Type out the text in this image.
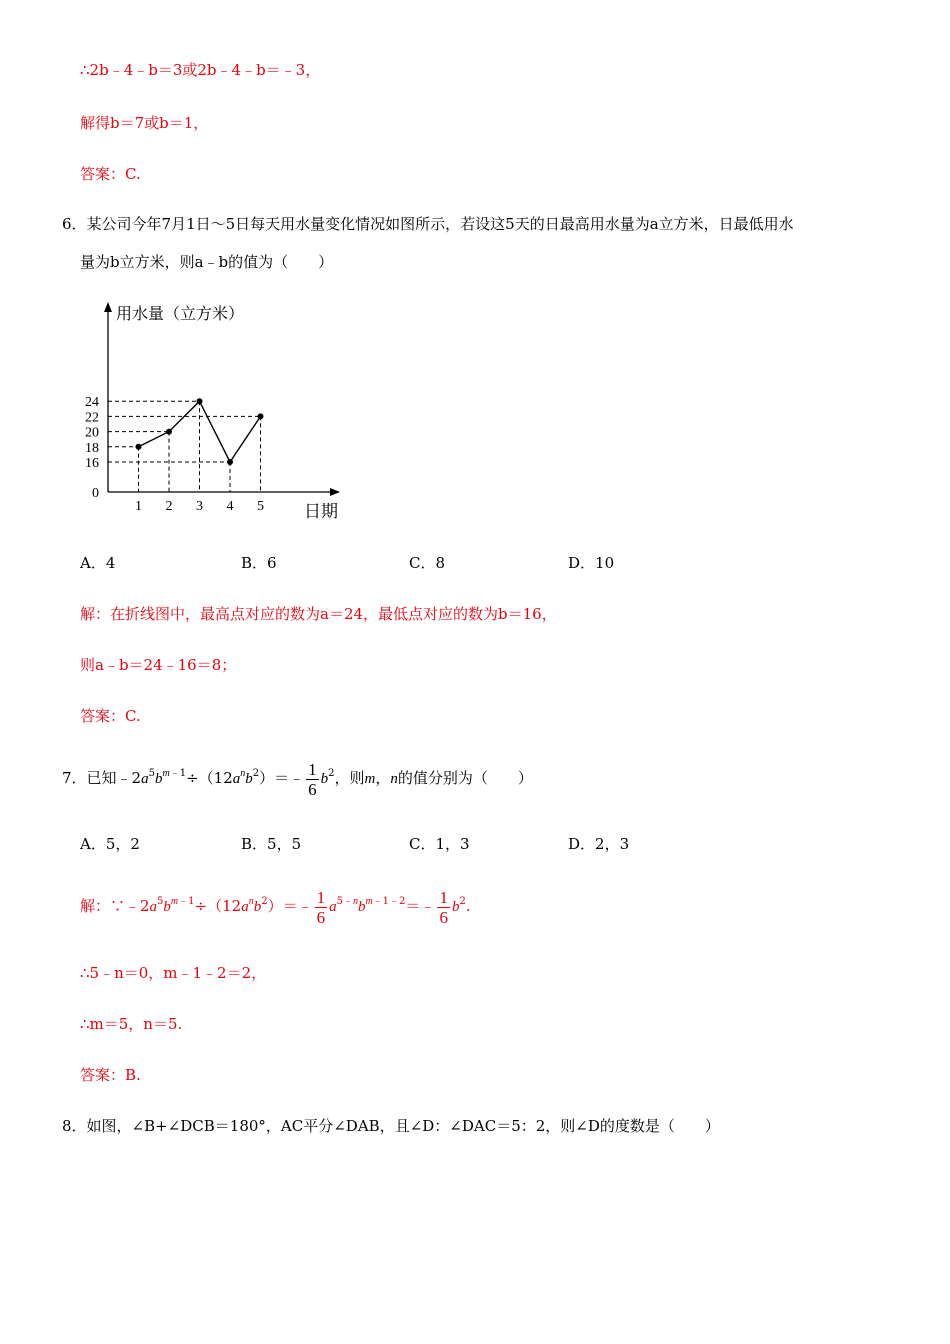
∴2b﹣4﹣b＝3或2b﹣4﹣b＝﹣3，
解得b＝7或b＝1，
答案：C.
6．某公司今年7月1日～5日每天用水量变化情况如图所示，若设这5天的日最高用水量为a立方米，日最低用水
量为b立方米，则a﹣b的值为（　　）
用水量（立方米）
日期
0
16
18
20
22
24
1 2 3 4 5
A．4	B．6	C．8	D．10
解：在折线图中，最高点对应的数为a＝24，最低点对应的数为b＝16，
则a﹣b＝24﹣16＝8；
答案：C.
7．已知$﹣2a^5b^{m﹣1}\div(12a^nb^2)=﹣ \frac{1}{6} b^2$，则m，n的值分别为（　　）
A．5，2	B．5，5	C．1，3	D．2，3
解：$\because﹣2a^5b^{m﹣1}\div(12a^nb^2)=﹣ \frac{1}{6}$ $a^{5﹣n}b^{m﹣1﹣2}=﹣ \frac{1}{6} b^2$.
∴5﹣n＝0，m﹣1﹣2＝2，
∴m＝5，n＝5.
答案：B.
8．如图，∠B+∠DCB＝180°，AC平分∠DAB，且∠D：∠DAC＝5：2，则∠D的度数是（　　）
